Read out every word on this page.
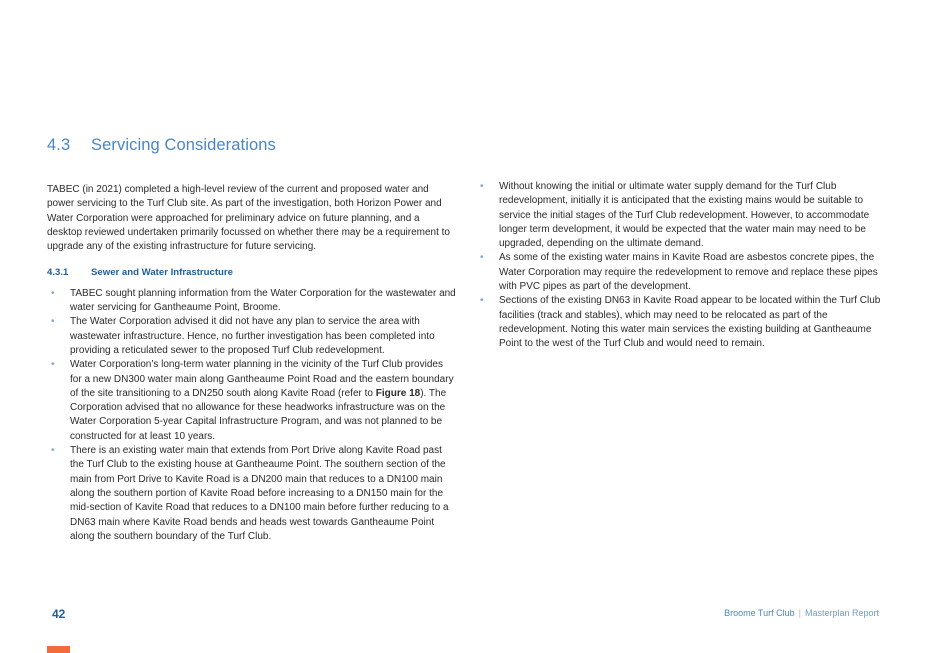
4.3 Servicing Considerations

TABEC (in 2021) completed a high-level review of the current and proposed water and power servicing to the Turf Club site. As part of the investigation, both Horizon Power and Water Corporation were approached for preliminary advice on future planning, and a desktop reviewed undertaken primarily focussed on whether there may be a requirement to upgrade any of the existing infrastructure for future servicing.

4.3.1 Sewer and Water Infrastructure
• TABEC sought planning information from the Water Corporation for the wastewater and water servicing for Gantheaume Point, Broome.
• The Water Corporation advised it did not have any plan to service the area with wastewater infrastructure. Hence, no further investigation has been completed into providing a reticulated sewer to the proposed Turf Club redevelopment.
• Water Corporation’s long-term water planning in the vicinity of the Turf Club provides for a new DN300 water main along Gantheaume Point Road and the eastern boundary of the site transitioning to a DN250 south along Kavite Road (refer to Figure 18). The Corporation advised that no allowance for these headworks infrastructure was on the Water Corporation 5-year Capital Infrastructure Program, and was not planned to be constructed for at least 10 years.
• There is an existing water main that extends from Port Drive along Kavite Road past the Turf Club to the existing house at Gantheaume Point. The southern section of the main from Port Drive to Kavite Road is a DN200 main that reduces to a DN100 main along the southern portion of Kavite Road before increasing to a DN150 main for the mid-section of Kavite Road that reduces to a DN100 main before further reducing to a DN63 main where Kavite Road bends and heads west towards Gantheaume Point along the southern boundary of the Turf Club.
• Without knowing the initial or ultimate water supply demand for the Turf Club redevelopment, initially it is anticipated that the existing mains would be suitable to service the initial stages of the Turf Club redevelopment. However, to accommodate longer term development, it would be expected that the water main may need to be upgraded, depending on the ultimate demand.
• As some of the existing water mains in Kavite Road are asbestos concrete pipes, the Water Corporation may require the redevelopment to remove and replace these pipes with PVC pipes as part of the development.
• Sections of the existing DN63 in Kavite Road appear to be located within the Turf Club facilities (track and stables), which may need to be relocated as part of the redevelopment. Noting this water main services the existing building at Gantheaume Point to the west of the Turf Club and would need to remain.

42	Broome Turf Club | Masterplan Report
